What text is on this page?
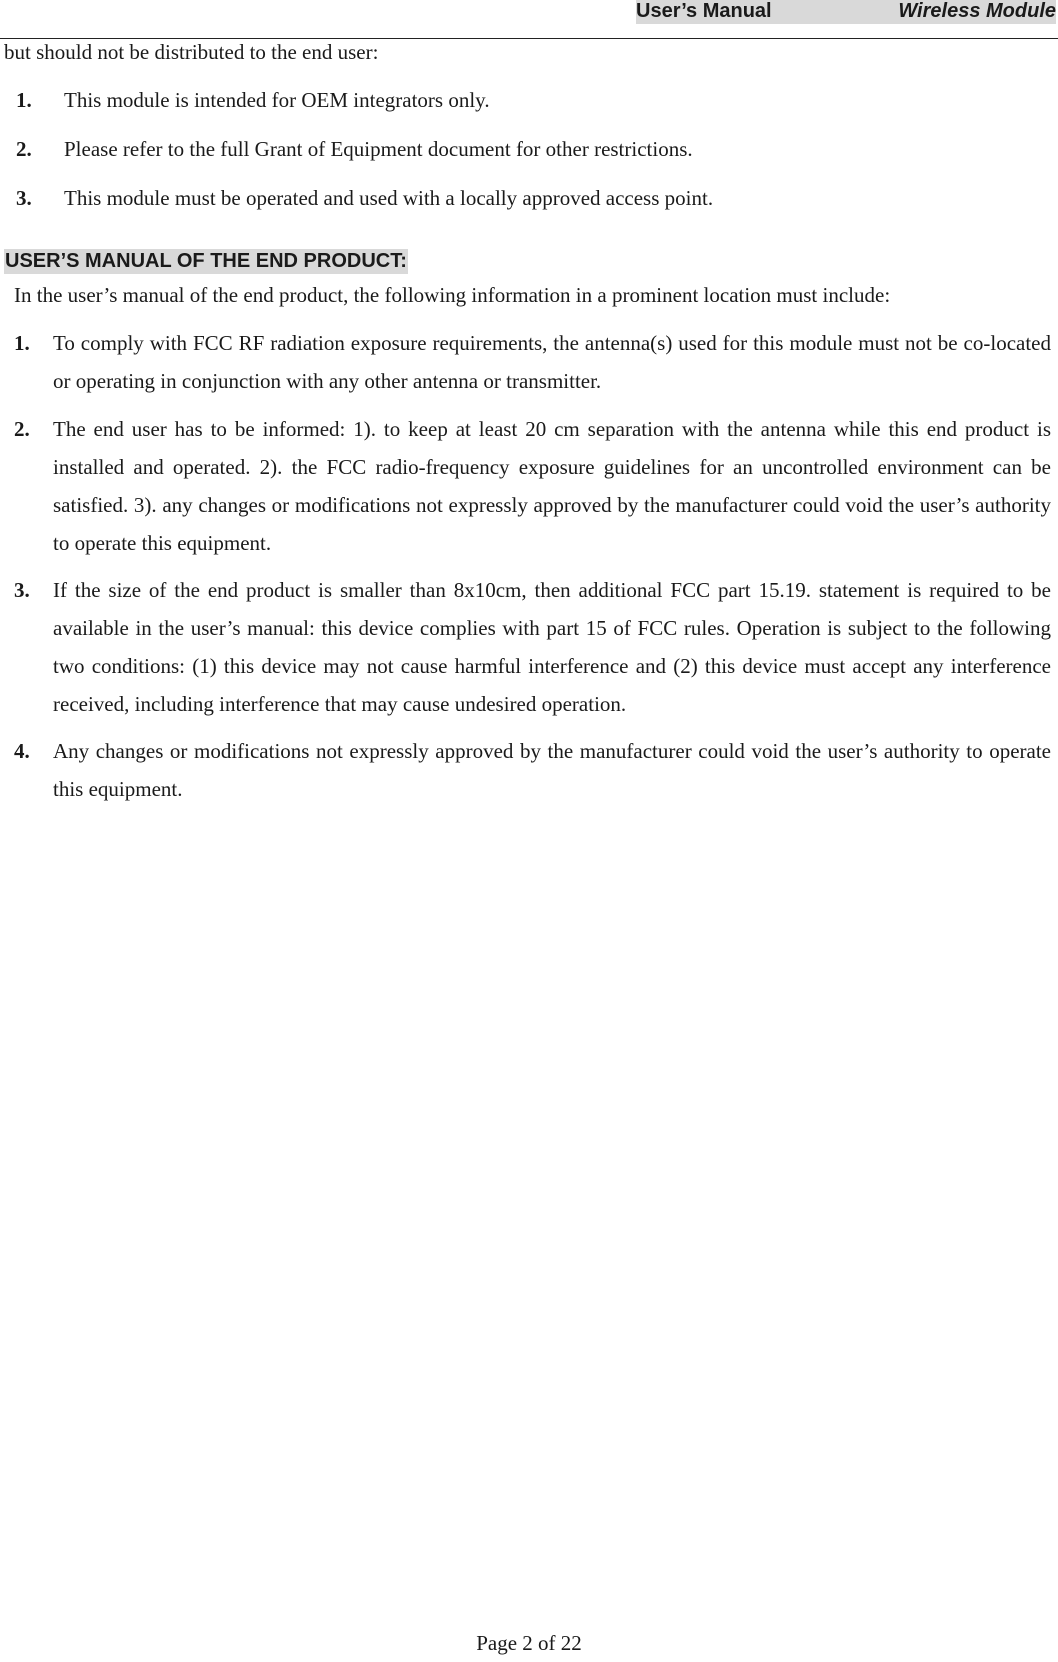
User’s Manual	Wireless Module
but should not be distributed to the end user:
1. This module is intended for OEM integrators only.
2. Please refer to the full Grant of Equipment document for other restrictions.
3. This module must be operated and used with a locally approved access point.
USER’S MANUAL OF THE END PRODUCT:
In the user’s manual of the end product, the following information in a prominent location must include:
1. To comply with FCC RF radiation exposure requirements, the antenna(s) used for this module must not be co-located or operating in conjunction with any other antenna or transmitter.
2. The end user has to be informed: 1). to keep at least 20 cm separation with the antenna while this end product is installed and operated. 2). the FCC radio-frequency exposure guidelines for an uncontrolled environment can be satisfied. 3). any changes or modifications not expressly approved by the manufacturer could void the user’s authority to operate this equipment.
3. If the size of the end product is smaller than 8x10cm, then additional FCC part 15.19. statement is required to be available in the user’s manual: this device complies with part 15 of FCC rules. Operation is subject to the following two conditions: (1) this device may not cause harmful interference and (2) this device must accept any interference received, including interference that may cause undesired operation.
4. Any changes or modifications not expressly approved by the manufacturer could void the user’s authority to operate this equipment.
Page 2 of 22
